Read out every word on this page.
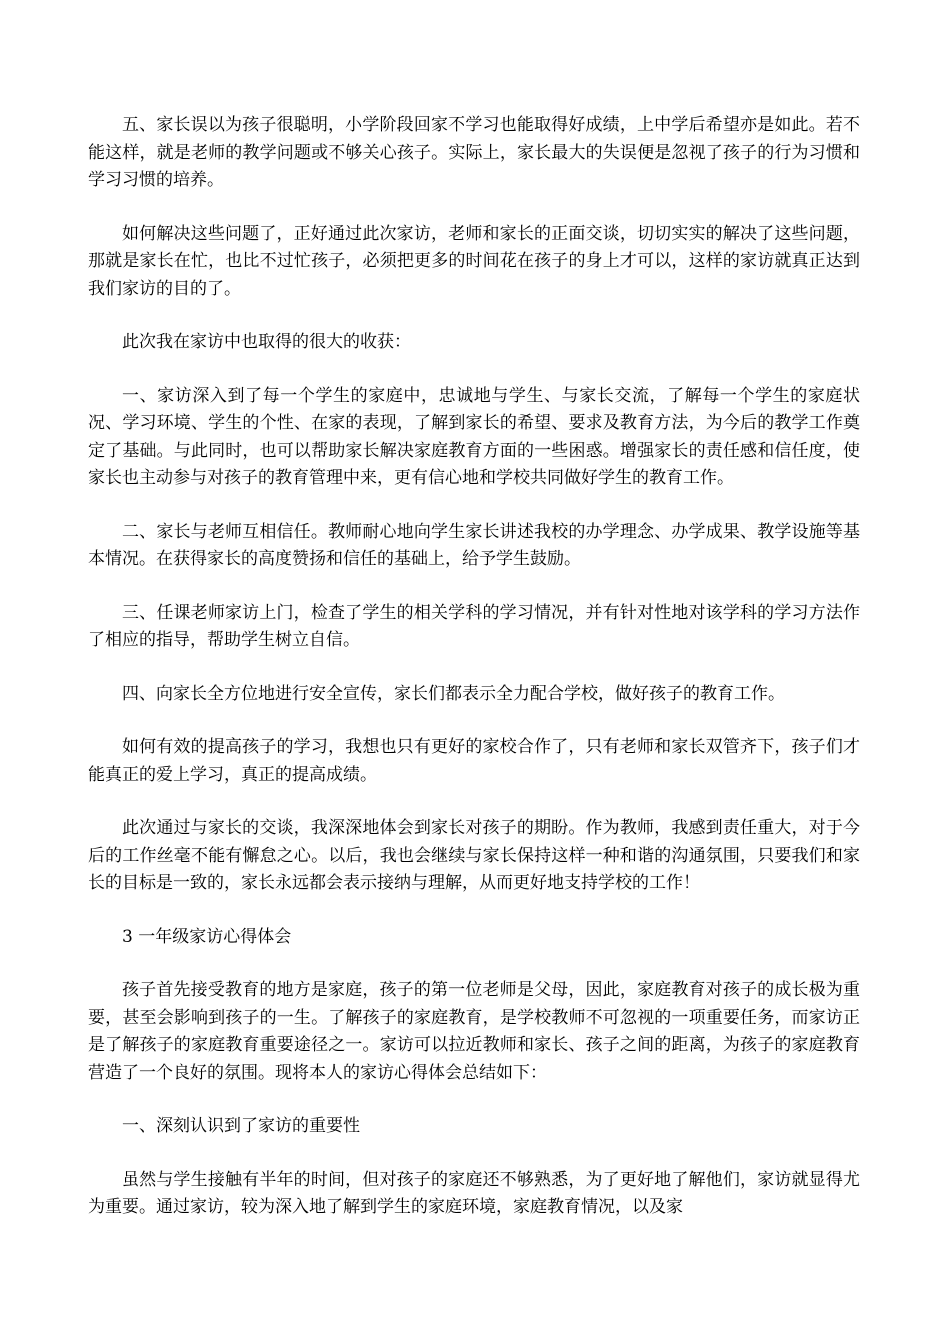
五、家长误以为孩子很聪明，小学阶段回家不学习也能取得好成绩，上中学后希望亦是如此。若不能这样，就是老师的教学问题或不够关心孩子。实际上，家长最大的失误便是忽视了孩子的行为习惯和学习习惯的培养。

如何解决这些问题了，正好通过此次家访，老师和家长的正面交谈，切切实实的解决了这些问题，那就是家长在忙，也比不过忙孩子，必须把更多的时间花在孩子的身上才可以，这样的家访就真正达到我们家访的目的了。

此次我在家访中也取得的很大的收获：

一、家访深入到了每一个学生的家庭中，忠诚地与学生、与家长交流，了解每一个学生的家庭状况、学习环境、学生的个性、在家的表现，了解到家长的希望、要求及教育方法，为今后的教学工作奠定了基础。与此同时，也可以帮助家长解决家庭教育方面的一些困惑。增强家长的责任感和信任度，使家长也主动参与对孩子的教育管理中来，更有信心地和学校共同做好学生的教育工作。

二、家长与老师互相信任。教师耐心地向学生家长讲述我校的办学理念、办学成果、教学设施等基本情况。在获得家长的高度赞扬和信任的基础上，给予学生鼓励。

三、任课老师家访上门，检查了学生的相关学科的学习情况，并有针对性地对该学科的学习方法作了相应的指导，帮助学生树立自信。

四、向家长全方位地进行安全宣传，家长们都表示全力配合学校，做好孩子的教育工作。

如何有效的提高孩子的学习，我想也只有更好的家校合作了，只有老师和家长双管齐下，孩子们才能真正的爱上学习，真正的提高成绩。

此次通过与家长的交谈，我深深地体会到家长对孩子的期盼。作为教师，我感到责任重大，对于今后的工作丝毫不能有懈怠之心。以后，我也会继续与家长保持这样一种和谐的沟通氛围，只要我们和家长的目标是一致的，家长永远都会表示接纳与理解，从而更好地支持学校的工作！

3 一年级家访心得体会

孩子首先接受教育的地方是家庭，孩子的第一位老师是父母，因此，家庭教育对孩子的成长极为重要，甚至会影响到孩子的一生。了解孩子的家庭教育，是学校教师不可忽视的一项重要任务，而家访正是了解孩子的家庭教育重要途径之一。家访可以拉近教师和家长、孩子之间的距离，为孩子的家庭教育营造了一个良好的氛围。现将本人的家访心得体会总结如下：

一、深刻认识到了家访的重要性

虽然与学生接触有半年的时间，但对孩子的家庭还不够熟悉，为了更好地了解他们，家访就显得尤为重要。通过家访，较为深入地了解到学生的家庭环境，家庭教育情况，以及家
